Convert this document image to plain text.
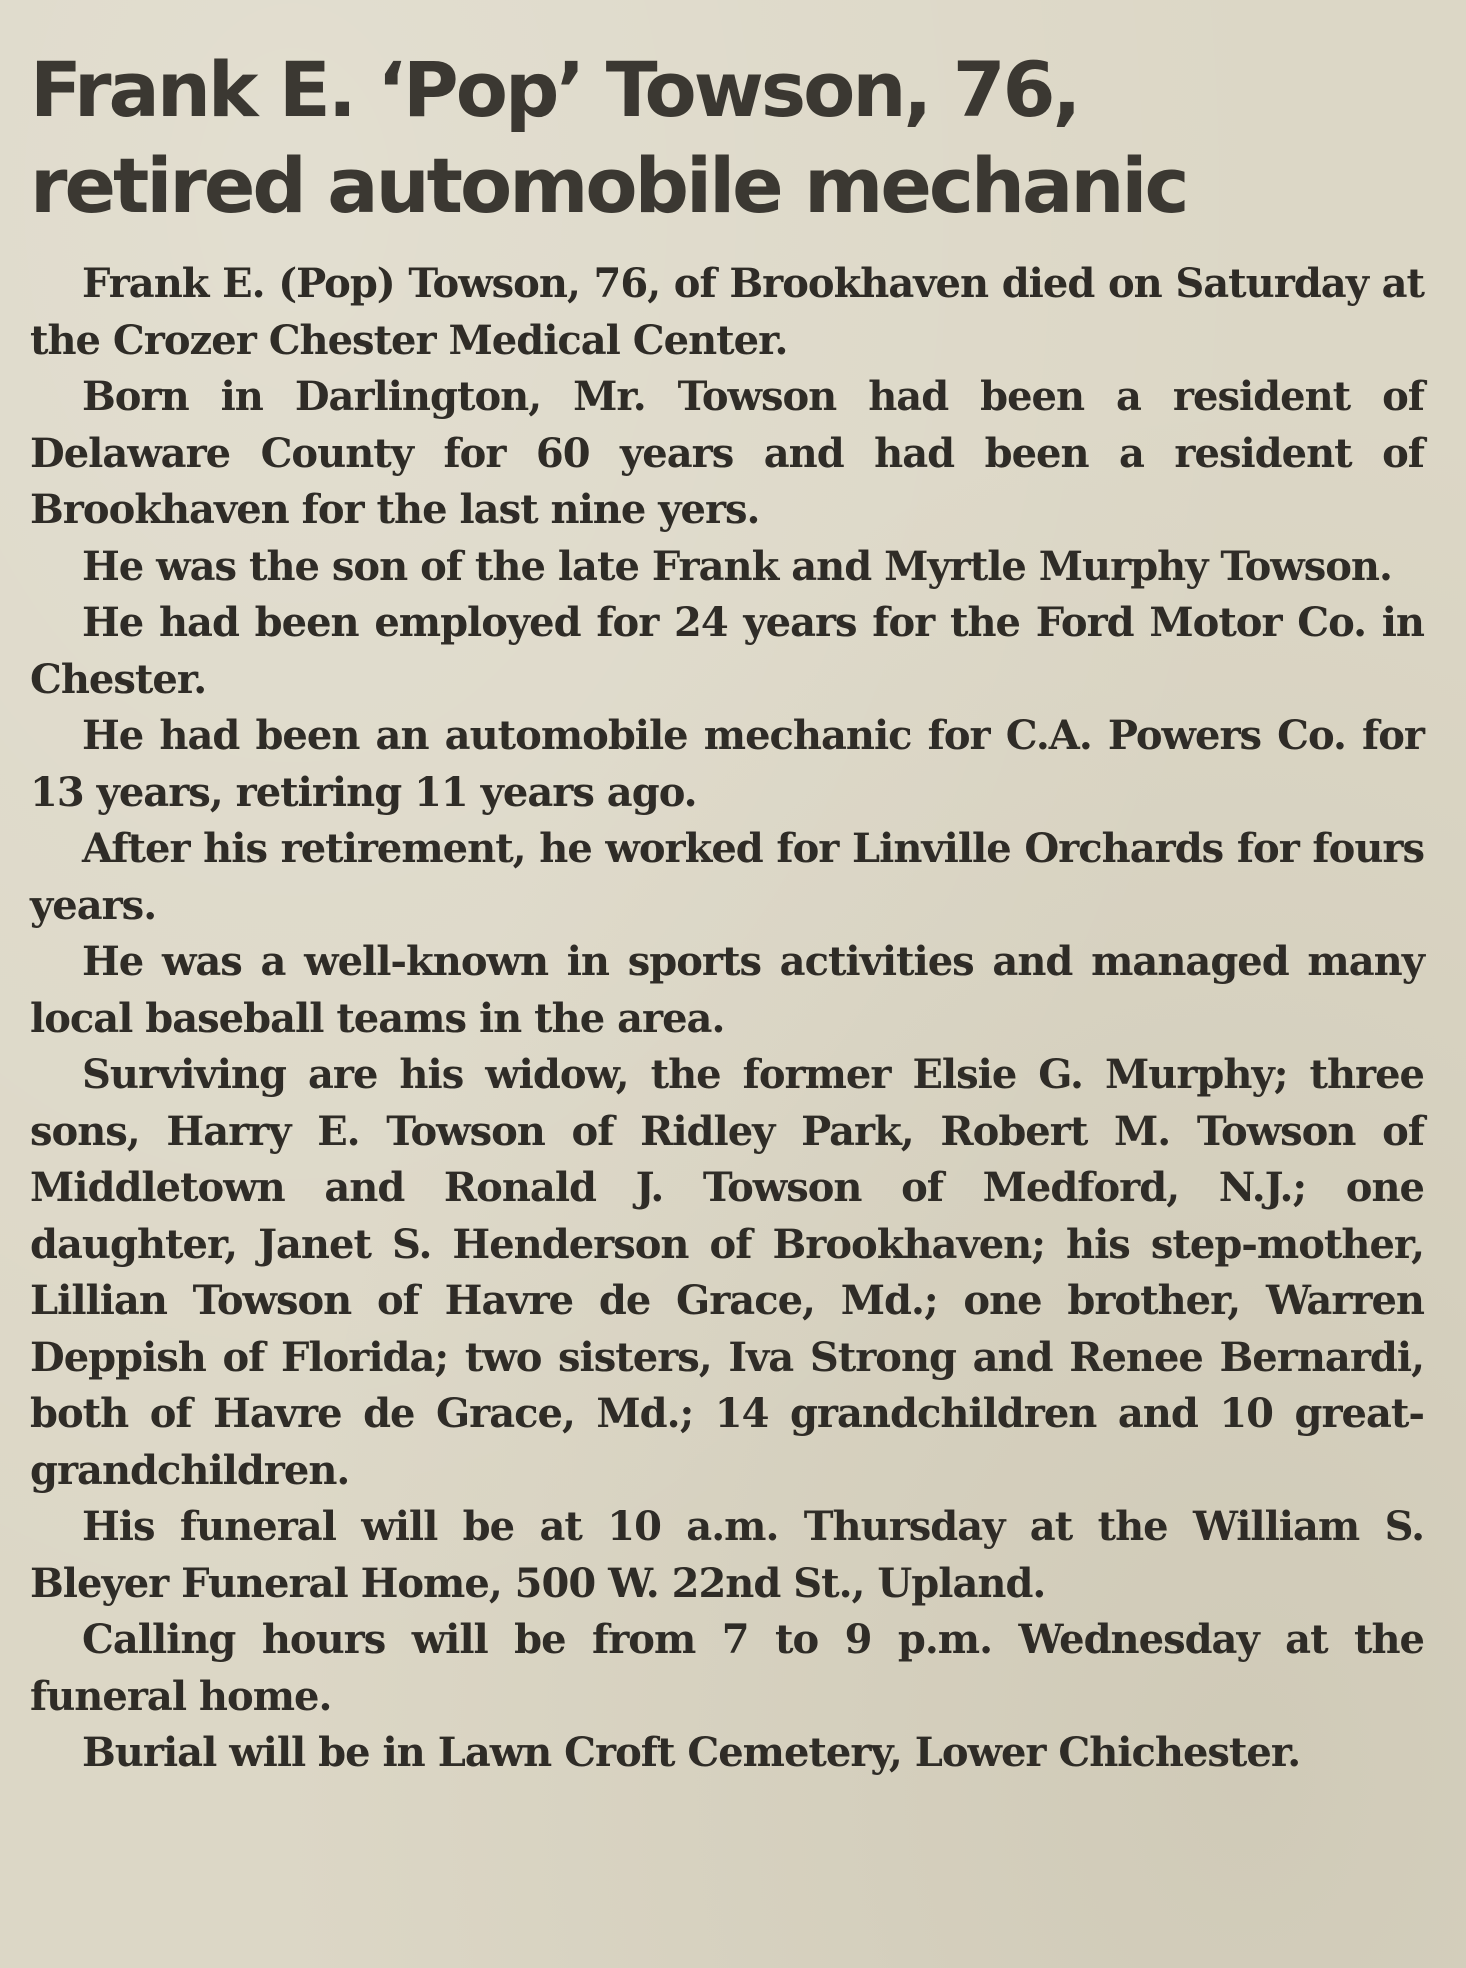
Frank E. ‘Pop’ Towson, 76,
retired automobile mechanic

Frank E. (Pop) Towson, 76, of Brookhaven died on Saturday at the Crozer Chester Medical Center.

Born in Darlington, Mr. Towson had been a resident of Delaware County for 60 years and had been a resident of Brookhaven for the last nine yers.

He was the son of the late Frank and Myrtle Murphy Towson.

He had been employed for 24 years for the Ford Motor Co. in Chester.

He had been an automobile mechanic for C.A. Powers Co. for 13 years, retiring 11 years ago.

After his retirement, he worked for Linville Orchards for fours years.

He was a well-known in sports activities and managed many local baseball teams in the area.

Surviving are his widow, the former Elsie G. Murphy; three sons, Harry E. Towson of Ridley Park, Robert M. Towson of Middletown and Ronald J. Towson of Medford, N.J.; one daughter, Janet S. Henderson of Brookhaven; his step-mother, Lillian Towson of Havre de Grace, Md.; one brother, Warren Deppish of Florida; two sisters, Iva Strong and Renee Bernardi, both of Havre de Grace, Md.; 14 grandchildren and 10 great-grandchildren.

His funeral will be at 10 a.m. Thursday at the William S. Bleyer Funeral Home, 500 W. 22nd St., Upland.

Calling hours will be from 7 to 9 p.m. Wednesday at the funeral home.

Burial will be in Lawn Croft Cemetery, Lower Chichester.
